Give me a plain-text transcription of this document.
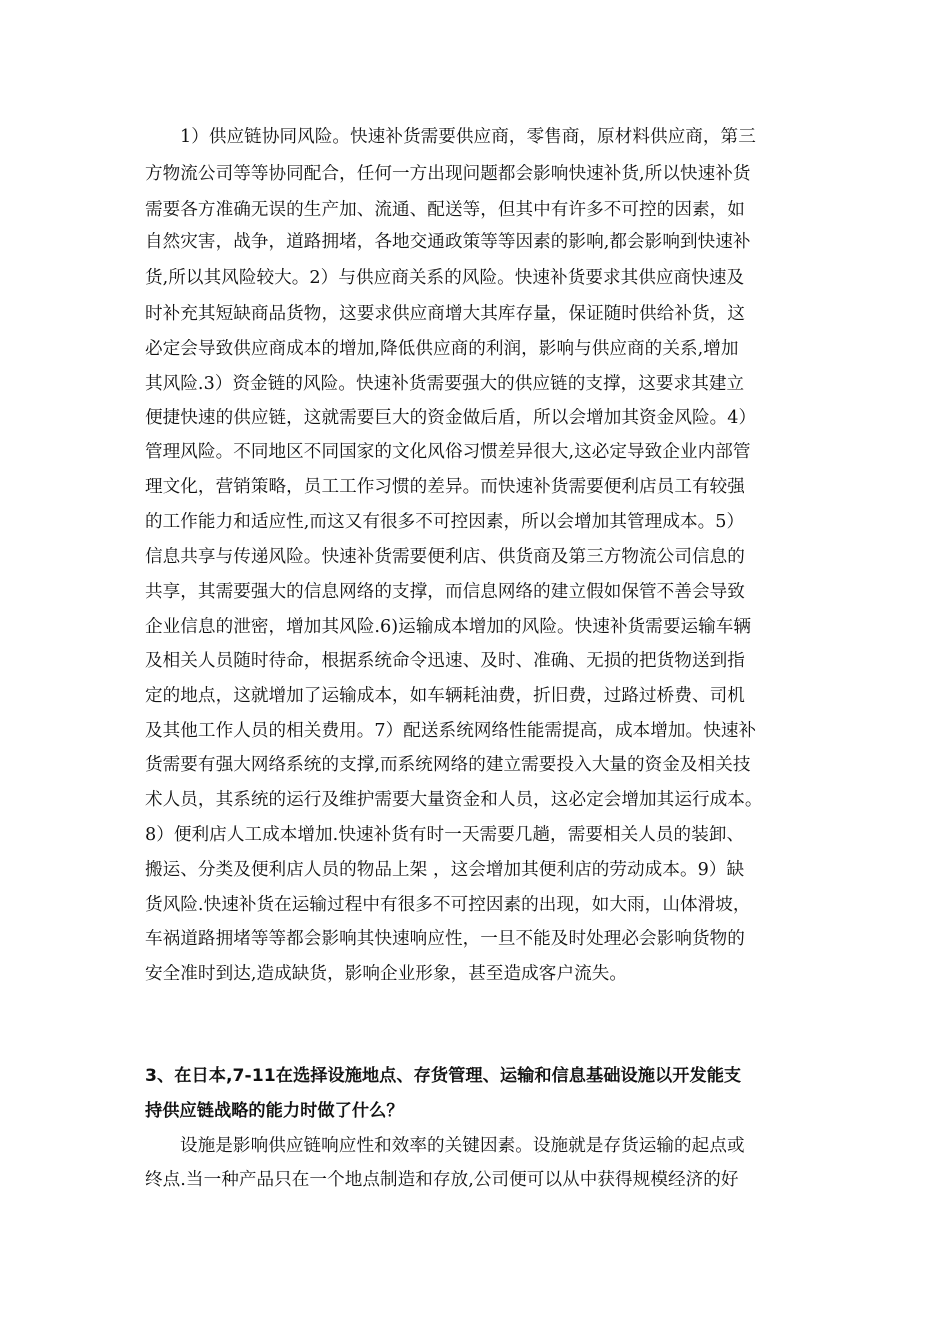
1）供应链协同风险。快速补货需要供应商，零售商，原材料供应商，第三
方物流公司等等协同配合，任何一方出现问题都会影响快速补货,所以快速补货
需要各方准确无误的生产加、流通、配送等，但其中有许多不可控的因素，如
自然灾害，战争，道路拥堵，各地交通政策等等因素的影响,都会影响到快速补
货,所以其风险较大。2）与供应商关系的风险。快速补货要求其供应商快速及
时补充其短缺商品货物，这要求供应商增大其库存量，保证随时供给补货，这
必定会导致供应商成本的增加,降低供应商的利润，影响与供应商的关系,增加
其风险.3）资金链的风险。快速补货需要强大的供应链的支撑，这要求其建立
便捷快速的供应链，这就需要巨大的资金做后盾，所以会增加其资金风险。4）
管理风险。不同地区不同国家的文化风俗习惯差异很大,这必定导致企业内部管
理文化，营销策略，员工工作习惯的差异。而快速补货需要便利店员工有较强
的工作能力和适应性,而这又有很多不可控因素，所以会增加其管理成本。5）
信息共享与传递风险。快速补货需要便利店、供货商及第三方物流公司信息的
共享，其需要强大的信息网络的支撑，而信息网络的建立假如保管不善会导致
企业信息的泄密，增加其风险.6)运输成本增加的风险。快速补货需要运输车辆
及相关人员随时待命，根据系统命令迅速、及时、准确、无损的把货物送到指
定的地点，这就增加了运输成本，如车辆耗油费，折旧费，过路过桥费、司机
及其他工作人员的相关费用。7）配送系统网络性能需提高，成本增加。快速补
货需要有强大网络系统的支撑,而系统网络的建立需要投入大量的资金及相关技
术人员，其系统的运行及维护需要大量资金和人员，这必定会增加其运行成本。
8）便利店人工成本增加.快速补货有时一天需要几趟，需要相关人员的装卸、
搬运、分类及便利店人员的物品上架 ，这会增加其便利店的劳动成本。9）缺
货风险.快速补货在运输过程中有很多不可控因素的出现，如大雨，山体滑坡，
车祸道路拥堵等等都会影响其快速响应性，一旦不能及时处理必会影响货物的
安全准时到达,造成缺货，影响企业形象，甚至造成客户流失。
3、在日本,7-11在选择设施地点、存货管理、运输和信息基础设施以开发能支
持供应链战略的能力时做了什么？
设施是影响供应链响应性和效率的关键因素。设施就是存货运输的起点或
终点.当一种产品只在一个地点制造和存放,公司便可以从中获得规模经济的好
